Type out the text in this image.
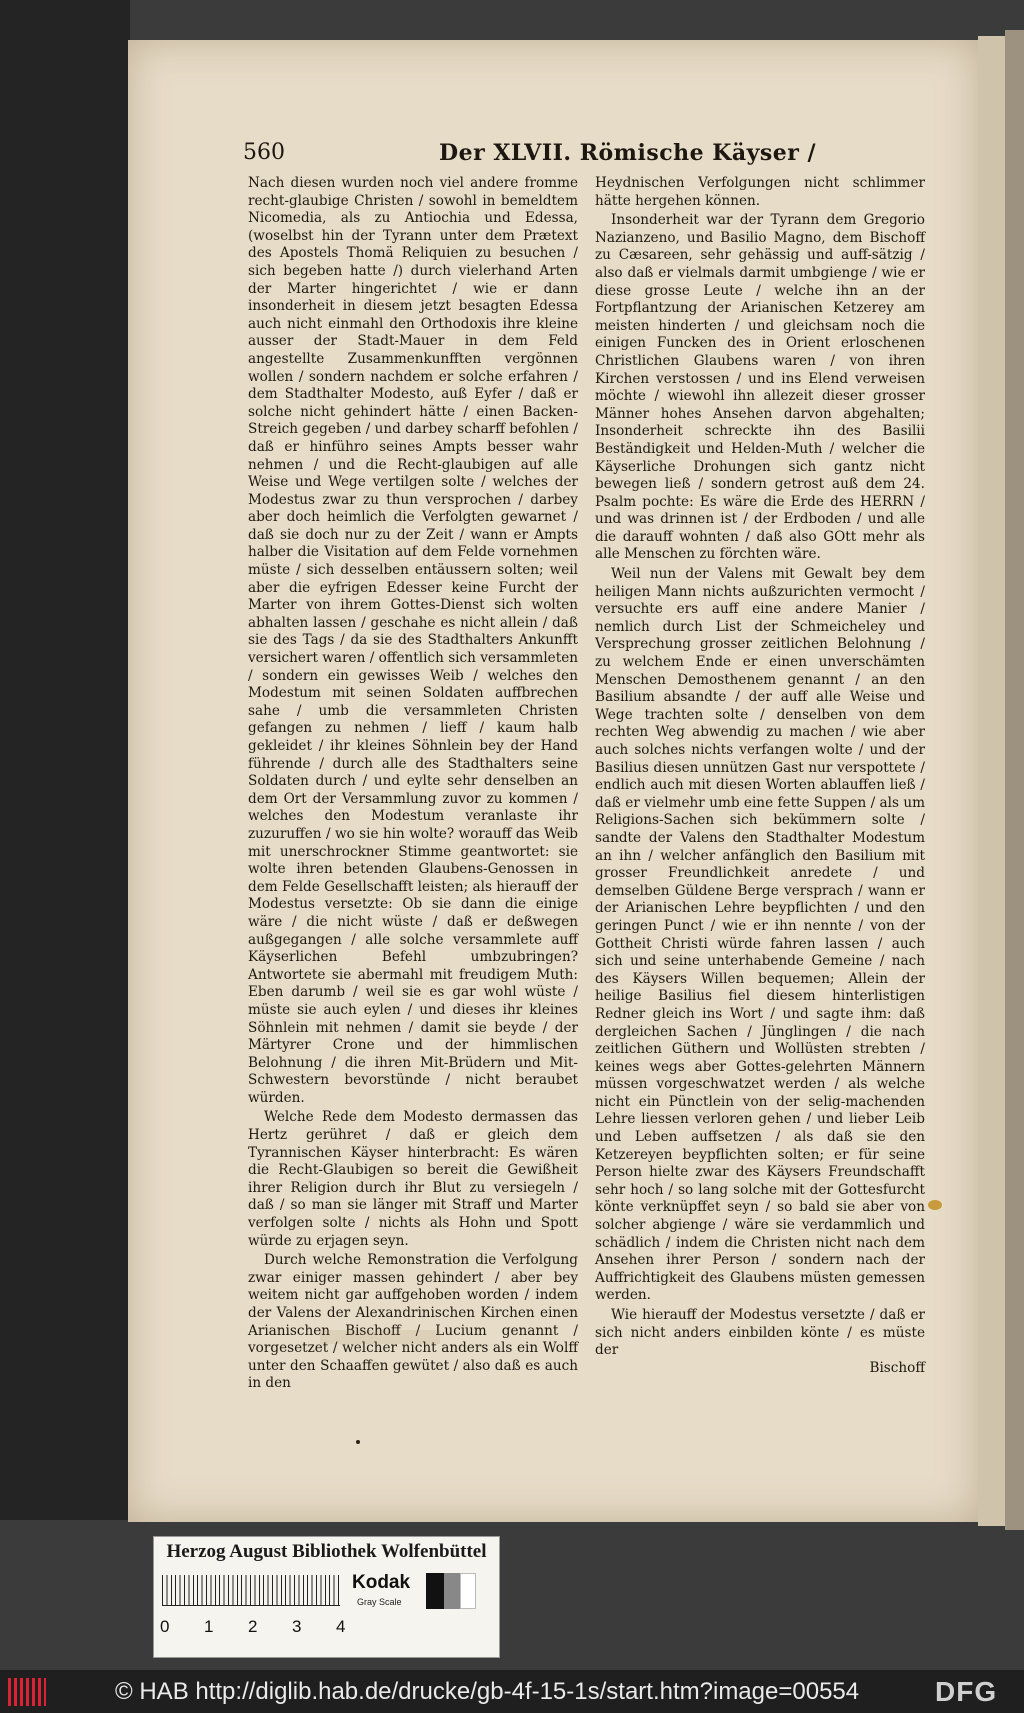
560	Der XLVII. Römische Käyser /

Nach diesen wurden noch viel andere fromme recht-glaubige Christen / sowohl in bemeldtem Nicomedia, als zu Antiochia und Edessa, (woselbst hin der Tyrann unter dem Prætext des Apostels Thomä Reliquien zu besuchen / sich begeben hatte /) durch vielerhand Arten der Marter hingerichtet / wie er dann insonderheit in diesem jetzt besagten Edessa auch nicht einmahl den Orthodoxis ihre kleine ausser der Stadt-Mauer in dem Feld angestellte Zusammenkunfften vergönnen wollen / sondern nachdem er solche erfahren / dem Stadthalter Modesto, auß Eyfer / daß er solche nicht gehindert hätte / einen Backen-Streich gegeben / und darbey scharff befohlen / daß er hinführo seines Ampts besser wahr nehmen / und die Recht-glaubigen auf alle Weise und Wege vertilgen solte / welches der Modestus zwar zu thun versprochen / darbey aber doch heimlich die Verfolgten gewarnet / daß sie doch nur zu der Zeit / wann er Ampts halber die Visitation auf dem Felde vornehmen müste / sich desselben entäussern solten; weil aber die eyfrigen Edesser keine Furcht der Marter von ihrem Gottes-Dienst sich wolten abhalten lassen / geschahe es nicht allein / daß sie des Tags / da sie des Stadthalters Ankunfft versichert waren / offentlich sich versammleten / sondern ein gewisses Weib / welches den Modestum mit seinen Soldaten auffbrechen sahe / umb die versammleten Christen gefangen zu nehmen / lieff / kaum halb gekleidet / ihr kleines Söhnlein bey der Hand führende / durch alle des Stadthalters seine Soldaten durch / und eylte sehr denselben an dem Ort der Versammlung zuvor zu kommen / welches den Modestum veranlaste ihr zuzuruffen / wo sie hin wolte? worauff das Weib mit unerschrockner Stimme geantwortet: sie wolte ihren betenden Glaubens-Genossen in dem Felde Gesellschafft leisten; als hierauff der Modestus versetzte: Ob sie dann die einige wäre / die nicht wüste / daß er deßwegen außgegangen / alle solche versammlete auff Käyserlichen Befehl umbzubringen? Antwortete sie abermahl mit freudigem Muth: Eben darumb / weil sie es gar wohl wüste / müste sie auch eylen / und dieses ihr kleines Söhnlein mit nehmen / damit sie beyde / der Märtyrer Crone und der himmlischen Belohnung / die ihren Mit-Brüdern und Mit-Schwestern bevorstünde / nicht beraubet würden.

Welche Rede dem Modesto dermassen das Hertz gerühret / daß er gleich dem Tyrannischen Käyser hinterbracht: Es wären die Recht-Glaubigen so bereit die Gewißheit ihrer Religion durch ihr Blut zu versiegeln / daß / so man sie länger mit Straff und Marter verfolgen solte / nichts als Hohn und Spott würde zu erjagen seyn.

Durch welche Remonstration die Verfolgung zwar einiger massen gehindert / aber bey weitem nicht gar auffgehoben worden / indem der Valens der Alexandrinischen Kirchen einen Arianischen Bischoff / Lucium genannt / vorgesetzet / welcher nicht anders als ein Wolff unter den Schaaffen gewütet / also daß es auch in den

Heydnischen Verfolgungen nicht schlimmer hätte hergehen können.

Insonderheit war der Tyrann dem Gregorio Nazianzeno, und Basilio Magno, dem Bischoff zu Cæsareen, sehr gehässig und auff-sätzig / also daß er vielmals darmit umbgienge / wie er diese grosse Leute / welche ihn an der Fortpflantzung der Arianischen Ketzerey am meisten hinderten / und gleichsam noch die einigen Funcken des in Orient erloschenen Christlichen Glaubens waren / von ihren Kirchen verstossen / und ins Elend verweisen möchte / wiewohl ihn allezeit dieser grosser Männer hohes Ansehen darvon abgehalten; Insonderheit schreckte ihn des Basilii Beständigkeit und Helden-Muth / welcher die Käyserliche Drohungen sich gantz nicht bewegen ließ / sondern getrost auß dem 24. Psalm pochte: Es wäre die Erde des HERRN / und was drinnen ist / der Erdboden / und alle die darauff wohnten / daß also GOtt mehr als alle Menschen zu förchten wäre.

Weil nun der Valens mit Gewalt bey dem heiligen Mann nichts außzurichten vermocht / versuchte ers auff eine andere Manier / nemlich durch List der Schmeicheley und Versprechung grosser zeitlichen Belohnung / zu welchem Ende er einen unverschämten Menschen Demosthenem genannt / an den Basilium absandte / der auff alle Weise und Wege trachten solte / denselben von dem rechten Weg abwendig zu machen / wie aber auch solches nichts verfangen wolte / und der Basilius diesen unnützen Gast nur verspottete / endlich auch mit diesen Worten ablauffen ließ / daß er vielmehr umb eine fette Suppen / als um Religions-Sachen sich bekümmern solte / sandte der Valens den Stadthalter Modestum an ihn / welcher anfänglich den Basilium mit grosser Freundlichkeit anredete / und demselben Güldene Berge versprach / wann er der Arianischen Lehre beypflichten / und den geringen Punct / wie er ihn nennte / von der Gottheit Christi würde fahren lassen / auch sich und seine unterhabende Gemeine / nach des Käysers Willen bequemen; Allein der heilige Basilius fiel diesem hinterlistigen Redner gleich ins Wort / und sagte ihm: daß dergleichen Sachen / Jünglingen / die nach zeitlichen Güthern und Wollüsten strebten / keines wegs aber Gottes-gelehrten Männern müssen vorgeschwatzet werden / als welche nicht ein Pünctlein von der selig-machenden Lehre liessen verloren gehen / und lieber Leib und Leben auffsetzen / als daß sie den Ketzereyen beypflichten solten; er für seine Person hielte zwar des Käysers Freundschafft sehr hoch / so lang solche mit der Gottesfurcht könte verknüpffet seyn / so bald sie aber von solcher abgienge / wäre sie verdammlich und schädlich / indem die Christen nicht nach dem Ansehen ihrer Person / sondern nach der Auffrichtigkeit des Glaubens müsten gemessen werden.

Wie hierauff der Modestus versetzte / daß er sich nicht anders einbilden könte / es müste der

Bischoff

Herzog August Bibliothek Wolfenbüttel
0 1 2 3 4
Kodak
Gray Scale
© HAB http://diglib.hab.de/drucke/gb-4f-15-1s/start.htm?image=00554	DFG
